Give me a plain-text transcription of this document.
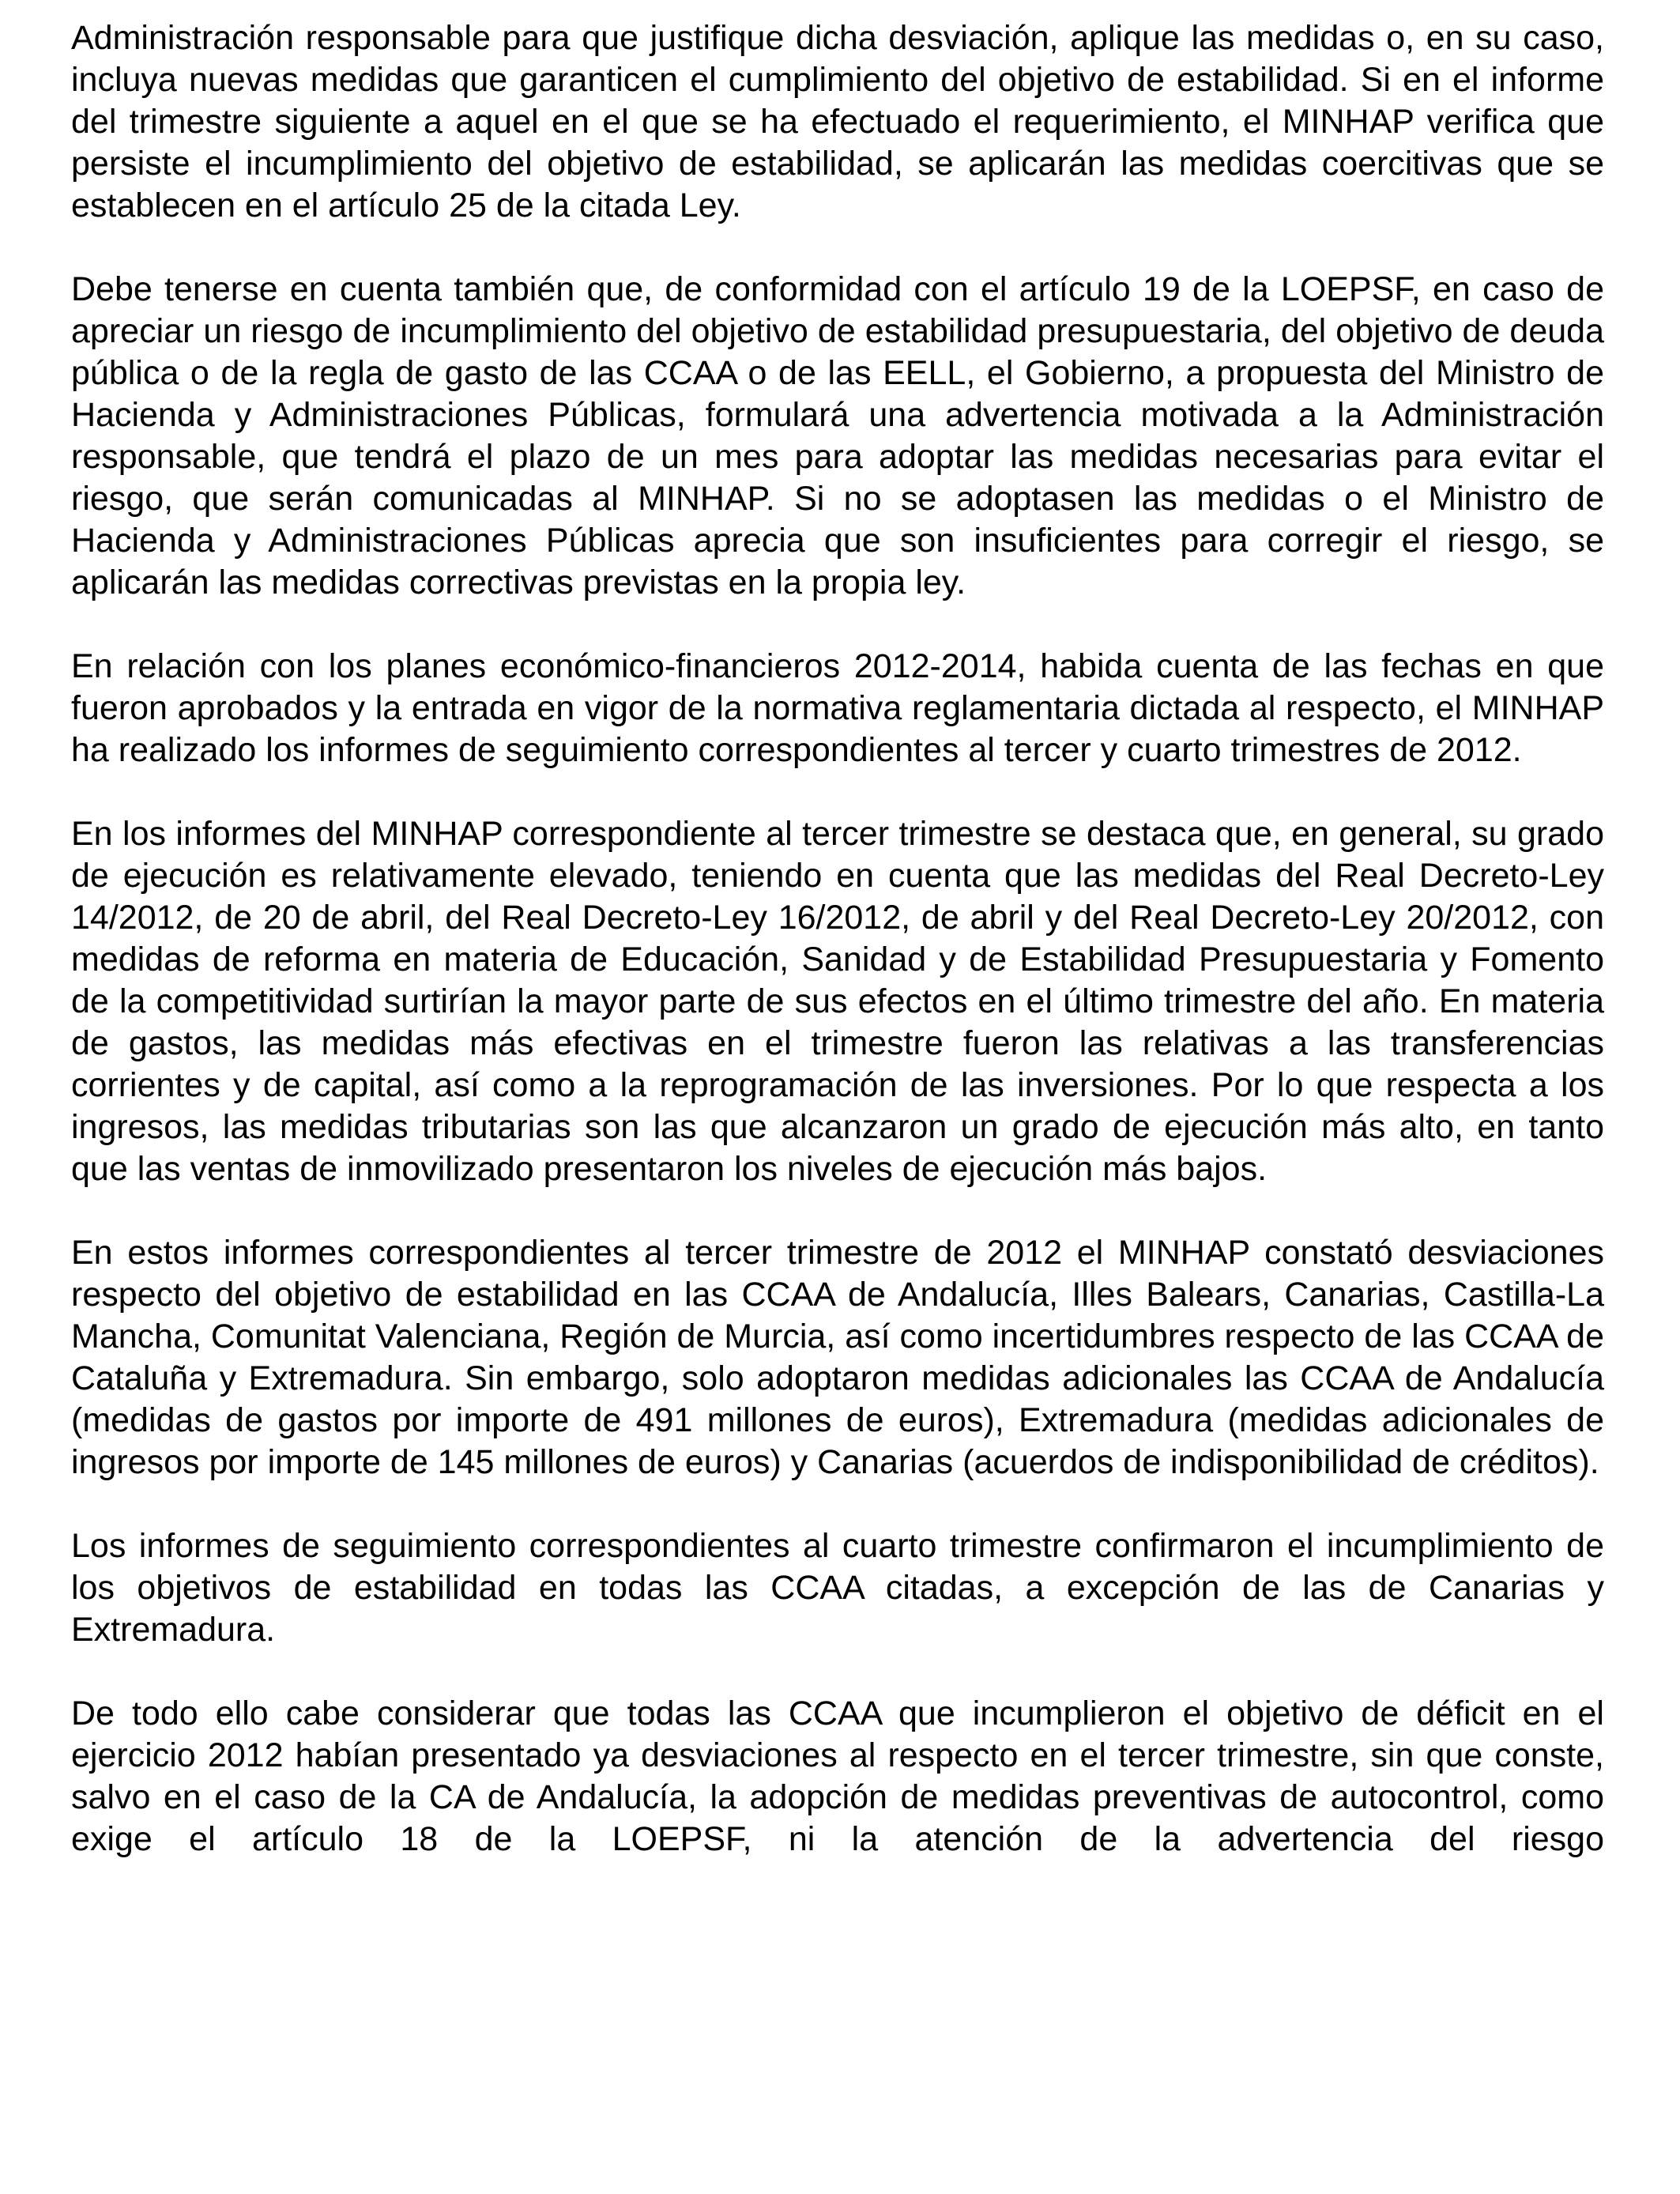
Administración responsable para que justifique dicha desviación, aplique las medidas o, en su caso, incluya nuevas medidas que garanticen el cumplimiento del objetivo de estabilidad. Si en el informe del trimestre siguiente a aquel en el que se ha efectuado el requerimiento, el MINHAP verifica que persiste el incumplimiento del objetivo de estabilidad, se aplicarán las medidas coercitivas que se establecen en el artículo 25 de la citada Ley.

Debe tenerse en cuenta también que, de conformidad con el artículo 19 de la LOEPSF, en caso de apreciar un riesgo de incumplimiento del objetivo de estabilidad presupuestaria, del objetivo de deuda pública o de la regla de gasto de las CCAA o de las EELL, el Gobierno, a propuesta del Ministro de Hacienda y Administraciones Públicas, formulará una advertencia motivada a la Administración responsable, que tendrá el plazo de un mes para adoptar las medidas necesarias para evitar el riesgo, que serán comunicadas al MINHAP. Si no se adoptasen las medidas o el Ministro de Hacienda y Administraciones Públicas aprecia que son insuficientes para corregir el riesgo, se aplicarán las medidas correctivas previstas en la propia ley.

En relación con los planes económico-financieros 2012-2014, habida cuenta de las fechas en que fueron aprobados y la entrada en vigor de la normativa reglamentaria dictada al respecto, el MINHAP ha realizado los informes de seguimiento correspondientes al tercer y cuarto trimestres de 2012.

En los informes del MINHAP correspondiente al tercer trimestre se destaca que, en general, su grado de ejecución es relativamente elevado, teniendo en cuenta que las medidas del Real Decreto-Ley 14/2012, de 20 de abril, del Real Decreto-Ley 16/2012, de abril y del Real Decreto-Ley 20/2012, con medidas de reforma en materia de Educación, Sanidad y de Estabilidad Presupuestaria y Fomento de la competitividad surtirían la mayor parte de sus efectos en el último trimestre del año. En materia de gastos, las medidas más efectivas en el trimestre fueron las relativas a las transferencias corrientes y de capital, así como a la reprogramación de las inversiones. Por lo que respecta a los ingresos, las medidas tributarias son las que alcanzaron un grado de ejecución más alto, en tanto que las ventas de inmovilizado presentaron los niveles de ejecución más bajos.

En estos informes correspondientes al tercer trimestre de 2012 el MINHAP constató desviaciones respecto del objetivo de estabilidad en las CCAA de Andalucía, Illes Balears, Canarias, Castilla-La Mancha, Comunitat Valenciana, Región de Murcia, así como incertidumbres respecto de las CCAA de Cataluña y Extremadura. Sin embargo, solo adoptaron medidas adicionales las CCAA de Andalucía (medidas de gastos por importe de 491 millones de euros), Extremadura (medidas adicionales de ingresos por importe de 145 millones de euros) y Canarias (acuerdos de indisponibilidad de créditos).

Los informes de seguimiento correspondientes al cuarto trimestre confirmaron el incumplimiento de los objetivos de estabilidad en todas las CCAA citadas, a excepción de las de Canarias y Extremadura.

De todo ello cabe considerar que todas las CCAA que incumplieron el objetivo de déficit en el ejercicio 2012 habían presentado ya desviaciones al respecto en el tercer trimestre, sin que conste, salvo en el caso de la CA de Andalucía, la adopción de medidas preventivas de autocontrol, como exige el artículo 18 de la LOEPSF, ni la atención de la advertencia del riesgo
